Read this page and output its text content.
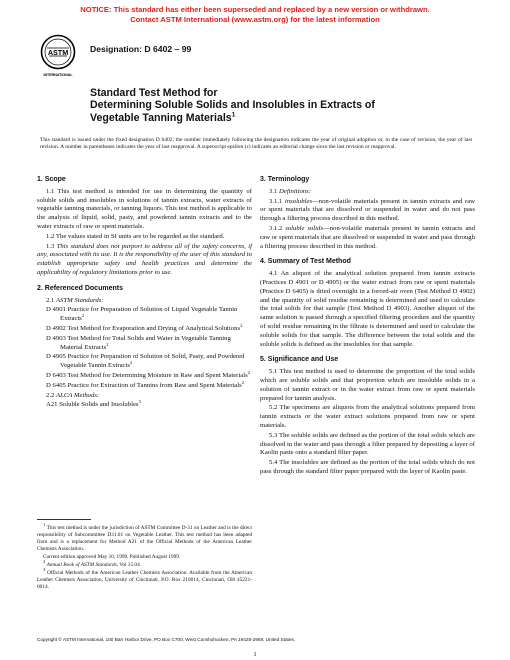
NOTICE: This standard has either been superseded and replaced by a new version or withdrawn.
Contact ASTM International (www.astm.org) for the latest information
ASTM
INTERNATIONAL
Designation: D 6402 – 99
Standard Test Method for
Determining Soluble Solids and Insolubles in Extracts of
Vegetable Tanning Materials$^1$
This standard is issued under the fixed designation D 6402; the number immediately following the designation indicates the year of original adoption or, in the case of revision, the year of last revision. A number in parentheses indicates the year of last reapproval. A superscript epsilon (ε) indicates an editorial change since the last revision or reapproval.
1. Scope
1.1 This test method is intended for use in determining the quantity of soluble solids and insolubles in solutions of tannin extracts, water extracts of vegetable tanning materials, or tanning liquors. This test method is applicable to the analysis of liquid, solid, pasty, and powdered tannin extracts and to the water extracts of raw or spent materials.
1.2 The values stated in SI units are to be regarded as the standard.
1.3 This standard does not purport to address all of the safety concerns, if any, associated with its use. It is the responsibility of the user of this standard to establish appropriate safety and health practices and determine the applicability of regulatory limitations prior to use.
2. Referenced Documents
2.1 ASTM Standards:
D 4901 Practice for Preparation of Solution of Liquid Vegetable Tannin Extracts$^2$
D 4902 Test Method for Evaporation and Drying of Analytical Solutions$^2$
D 4903 Test Method for Total Solids and Water in Vegetable Tanning Material Extracts$^2$
D 4905 Practice for Preparation of Solution of Solid, Pasty, and Powdered Vegetable Tannin Extracts$^2$
D 6403 Test Method for Determining Moisture in Raw and Spent Materials$^2$
D 6405 Practice for Extraction of Tannins from Raw and Spent Materials$^2$
2.2 ALCA Methods:
A21 Soluble Solids and Insolubles$^3$
$^1$ This test method is under the jurisdiction of ASTM Committee D-31 on Leather and is the direct responsibility of Subcommittee D31.01 on Vegetable Leather. This test method has been adapted from and is a replacement for Method A21 of the Official Methods of the American Leather Chemists Association.
Current edition approved May 10, 1999. Published August 1999.
$^2$ Annual Book of ASTM Standards, Vol 15.04.
$^3$ Official Methods of the American Leather Chemists Association. Available from the American Leather Chemists Association, University of Cincinnati, P.O. Box 210014, Cincinnati, OH 45221-0014.
3. Terminology
3.1 Definitions:
3.1.1 insolubles—non-volatile materials present in tannin extracts and raw or spent materials that are dissolved or suspended in water and do not pass through a filtering process described in this method.
3.1.2 soluble solids—non-volatile materials present in tannin extracts and raw or spent materials that are dissolved or suspended in water and pass through a filtering process described in this method.
4. Summary of Test Method
4.1 An aliquot of the analytical solution prepared from tannin extracts (Practices D 4901 or D 4905) or the water extract from raw or spent materials (Practice D 6405) is dried overnight in a forced-air oven (Test Method D 4902) and the quantity of solid residue remaining is determined and used to calculate the total solids for that sample (Test Method D 4903). Another aliquot of the same solution is passed through a specified filtering procedure and the quantity of solid residue remaining in the filtrate is determined and used to calculate the soluble solids for that sample. The difference between the total solids and the soluble solids is defined as the insolubles for that sample.
5. Significance and Use
5.1 This test method is used to determine the proportion of the total solids which are soluble solids and that proportion which are insoluble solids in a solution of tannin extract or in the water extract from raw or spent materials prepared for tannin analysis.
5.2 The specimens are aliquots from the analytical solutions prepared from tannin extracts or the water extract solutions prepared from raw or spent materials.
5.3 The soluble solids are defined as the portion of the total solids which are dissolved in the water and pass through a filter prepared by depositing a layer of Kaolin paste onto a standard filter paper.
5.4 The insolubles are defined as the portion of the total solids which do not pass through the standard filter paper prepared with the layer of Kaolin paste.
Copyright © ASTM International, 100 Barr Harbor Drive, PO Box C700, West Conshohocken, PA 19428-2959, United States.
1
